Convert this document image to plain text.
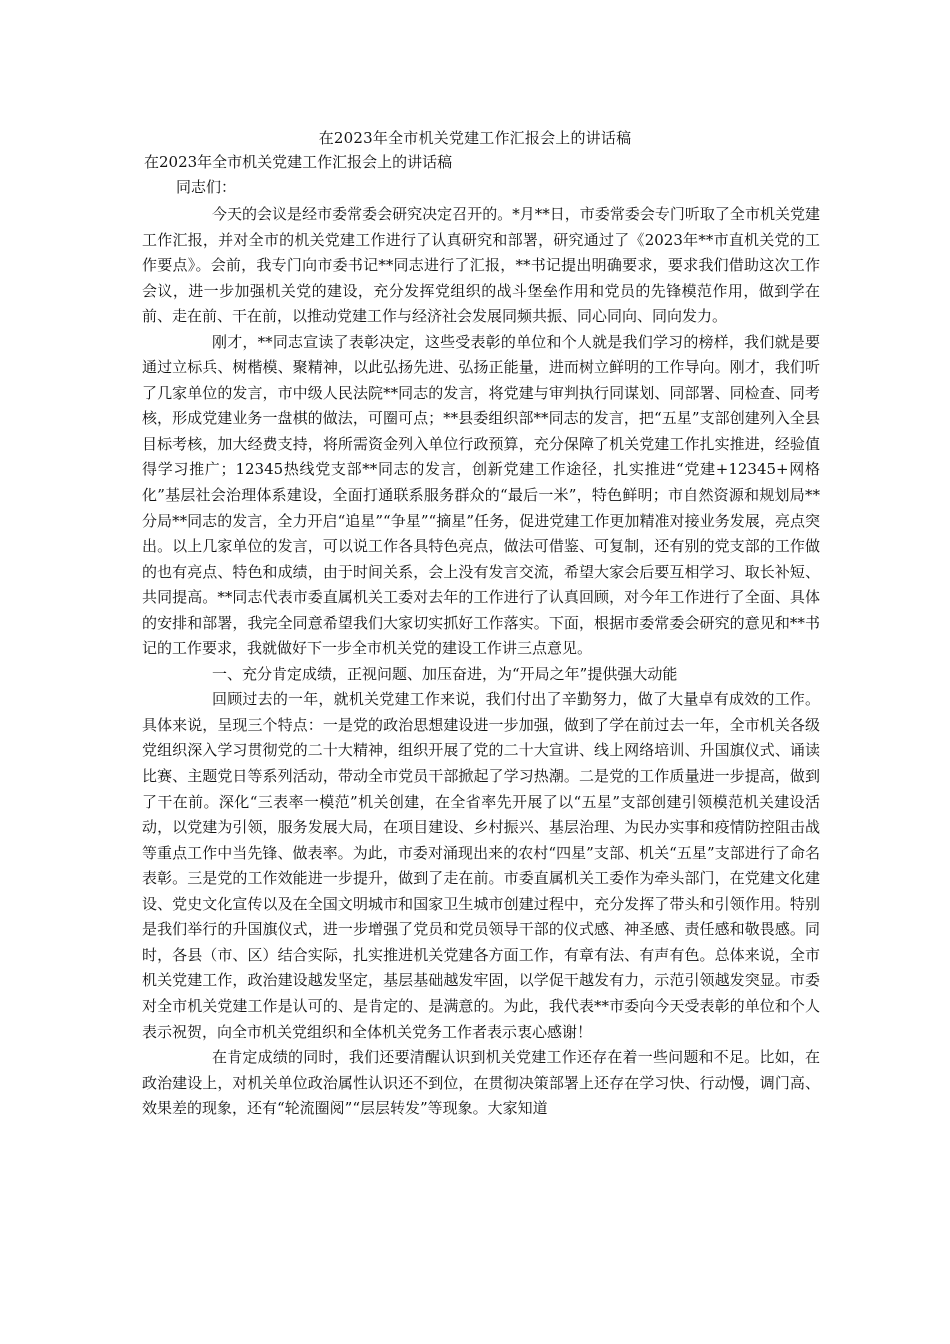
在2023年全市机关党建工作汇报会上的讲话稿
在2023年全市机关党建工作汇报会上的讲话稿
同志们：

今天的会议是经市委常委会研究决定召开的。*月**日，市委常委会专门听取了全市机关党建工作汇报，并对全市的机关党建工作进行了认真研究和部署，研究通过了《2023年**市直机关党的工作要点》。会前，我专门向市委书记**同志进行了汇报，**书记提出明确要求，要求我们借助这次工作会议，进一步加强机关党的建设，充分发挥党组织的战斗堡垒作用和党员的先锋模范作用，做到学在前、走在前、干在前，以推动党建工作与经济社会发展同频共振、同心同向、同向发力。

刚才，**同志宣读了表彰决定，这些受表彰的单位和个人就是我们学习的榜样，我们就是要通过立标兵、树楷模、聚精神，以此弘扬先进、弘扬正能量，进而树立鲜明的工作导向。刚才，我们听了几家单位的发言，市中级人民法院**同志的发言，将党建与审判执行同谋划、同部署、同检查、同考核，形成党建业务一盘棋的做法，可圈可点；**县委组织部**同志的发言，把“五星”支部创建列入全县目标考核，加大经费支持，将所需资金列入单位行政预算，充分保障了机关党建工作扎实推进，经验值得学习推广；12345热线党支部**同志的发言，创新党建工作途径，扎实推进“党建+12345+网格化”基层社会治理体系建设，全面打通联系服务群众的“最后一米”，特色鲜明；市自然资源和规划局**分局**同志的发言，全力开启“追星”“争星”“摘星”任务，促进党建工作更加精准对接业务发展，亮点突出。以上几家单位的发言，可以说工作各具特色亮点，做法可借鉴、可复制，还有别的党支部的工作做的也有亮点、特色和成绩，由于时间关系，会上没有发言交流，希望大家会后要互相学习、取长补短、共同提高。**同志代表市委直属机关工委对去年的工作进行了认真回顾，对今年工作进行了全面、具体的安排和部署，我完全同意希望我们大家切实抓好工作落实。下面，根据市委常委会研究的意见和**书记的工作要求，我就做好下一步全市机关党的建设工作讲三点意见。

一、充分肯定成绩，正视问题、加压奋进，为“开局之年”提供强大动能

回顾过去的一年，就机关党建工作来说，我们付出了辛勤努力，做了大量卓有成效的工作。具体来说，呈现三个特点：一是党的政治思想建设进一步加强，做到了学在前过去一年，全市机关各级党组织深入学习贯彻党的二十大精神，组织开展了党的二十大宣讲、线上网络培训、升国旗仪式、诵读比赛、主题党日等系列活动，带动全市党员干部掀起了学习热潮。二是党的工作质量进一步提高，做到了干在前。深化“三表率一模范”机关创建，在全省率先开展了以“五星”支部创建引领模范机关建设活动，以党建为引领，服务发展大局，在项目建设、乡村振兴、基层治理、为民办实事和疫情防控阻击战等重点工作中当先锋、做表率。为此，市委对涌现出来的农村“四星”支部、机关“五星”支部进行了命名表彰。三是党的工作效能进一步提升，做到了走在前。市委直属机关工委作为牵头部门，在党建文化建设、党史文化宣传以及在全国文明城市和国家卫生城市创建过程中，充分发挥了带头和引领作用。特别是我们举行的升国旗仪式，进一步增强了党员和党员领导干部的仪式感、神圣感、责任感和敬畏感。同时，各县（市、区）结合实际，扎实推进机关党建各方面工作，有章有法、有声有色。总体来说，全市机关党建工作，政治建设越发坚定，基层基础越发牢固，以学促干越发有力，示范引领越发突显。市委对全市机关党建工作是认可的、是肯定的、是满意的。为此，我代表**市委向今天受表彰的单位和个人表示祝贺，向全市机关党组织和全体机关党务工作者表示衷心感谢！

在肯定成绩的同时，我们还要清醒认识到机关党建工作还存在着一些问题和不足。比如，在政治建设上，对机关单位政治属性认识还不到位，在贯彻决策部署上还存在学习快、行动慢，调门高、效果差的现象，还有“轮流圈阅”“层层转发”等现象。大家知道
